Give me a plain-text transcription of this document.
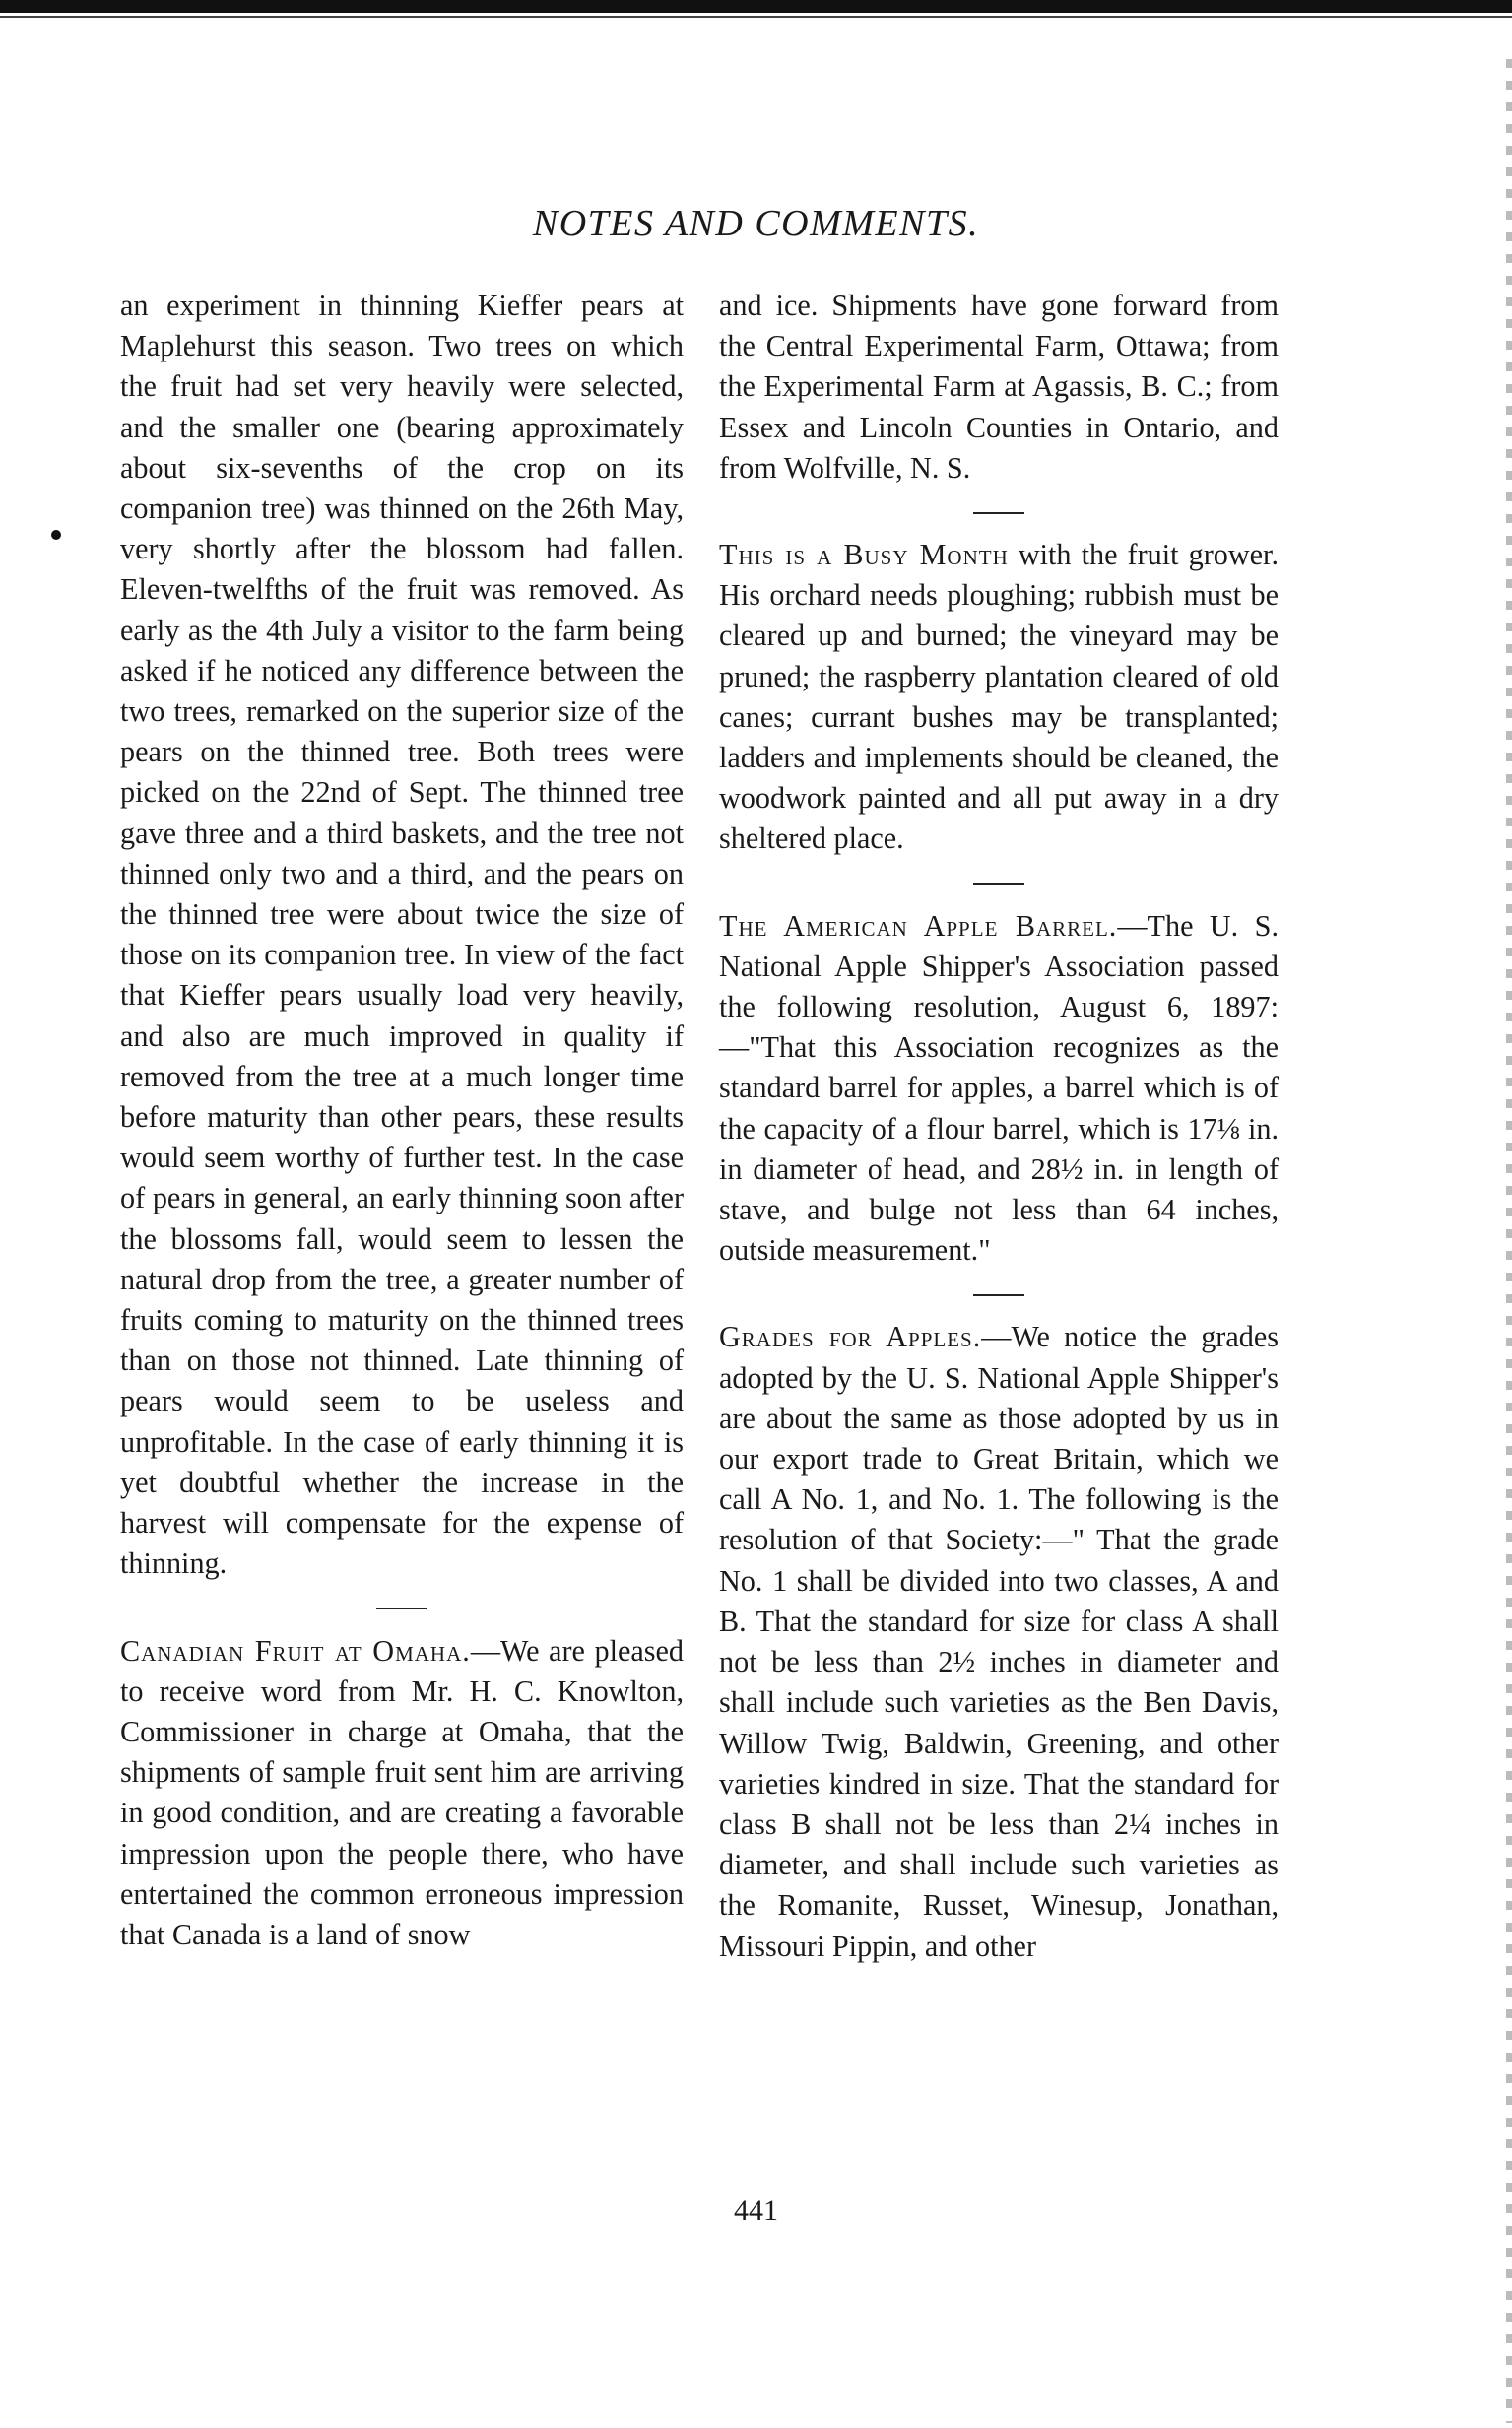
NOTES AND COMMENTS.

an experiment in thinning Kieffer pears at Maplehurst this season. Two trees on which the fruit had set very heavily were selected, and the smaller one (bearing approximately about six-sevenths of the crop on its companion tree) was thinned on the 26th May, very shortly after the blossom had fallen. Eleven-twelfths of the fruit was removed. As early as the 4th July a visitor to the farm being asked if he noticed any difference between the two trees, remarked on the superior size of the pears on the thinned tree. Both trees were picked on the 22nd of Sept. The thinned tree gave three and a third baskets, and the tree not thinned only two and a third, and the pears on the thinned tree were about twice the size of those on its companion tree. In view of the fact that Kieffer pears usually load very heavily, and also are much improved in quality if removed from the tree at a much longer time before maturity than other pears, these results would seem worthy of further test. In the case of pears in general, an early thinning soon after the blossoms fall, would seem to lessen the natural drop from the tree, a greater number of fruits coming to maturity on the thinned trees than on those not thinned. Late thinning of pears would seem to be useless and unprofitable. In the case of early thinning it is yet doubtful whether the increase in the harvest will compensate for the expense of thinning.

Canadian Fruit at Omaha.—We are pleased to receive word from Mr. H. C. Knowlton, Commissioner in charge at Omaha, that the shipments of sample fruit sent him are arriving in good condition, and are creating a favorable impression upon the people there, who have entertained the common erroneous impression that Canada is a land of snow

and ice. Shipments have gone forward from the Central Experimental Farm, Ottawa; from the Experimental Farm at Agassis, B. C.; from Essex and Lincoln Counties in Ontario, and from Wolfville, N. S.

This is a Busy Month with the fruit grower. His orchard needs ploughing; rubbish must be cleared up and burned; the vineyard may be pruned; the raspberry plantation cleared of old canes; currant bushes may be transplanted; ladders and implements should be cleaned, the woodwork painted and all put away in a dry sheltered place.

The American Apple Barrel.—The U. S. National Apple Shipper's Association passed the following resolution, August 6, 1897:—"That this Association recognizes as the standard barrel for apples, a barrel which is of the capacity of a flour barrel, which is 17⅛ in. in diameter of head, and 28½ in. in length of stave, and bulge not less than 64 inches, outside measurement."

Grades for Apples.—We notice the grades adopted by the U. S. National Apple Shipper's are about the same as those adopted by us in our export trade to Great Britain, which we call A No. 1, and No. 1. The following is the resolution of that Society:—" That the grade No. 1 shall be divided into two classes, A and B. That the standard for size for class A shall not be less than 2½ inches in diameter and shall include such varieties as the Ben Davis, Willow Twig, Baldwin, Greening, and other varieties kindred in size. That the standard for class B shall not be less than 2¼ inches in diameter, and shall include such varieties as the Romanite, Russet, Winesup, Jonathan, Missouri Pippin, and other

441
